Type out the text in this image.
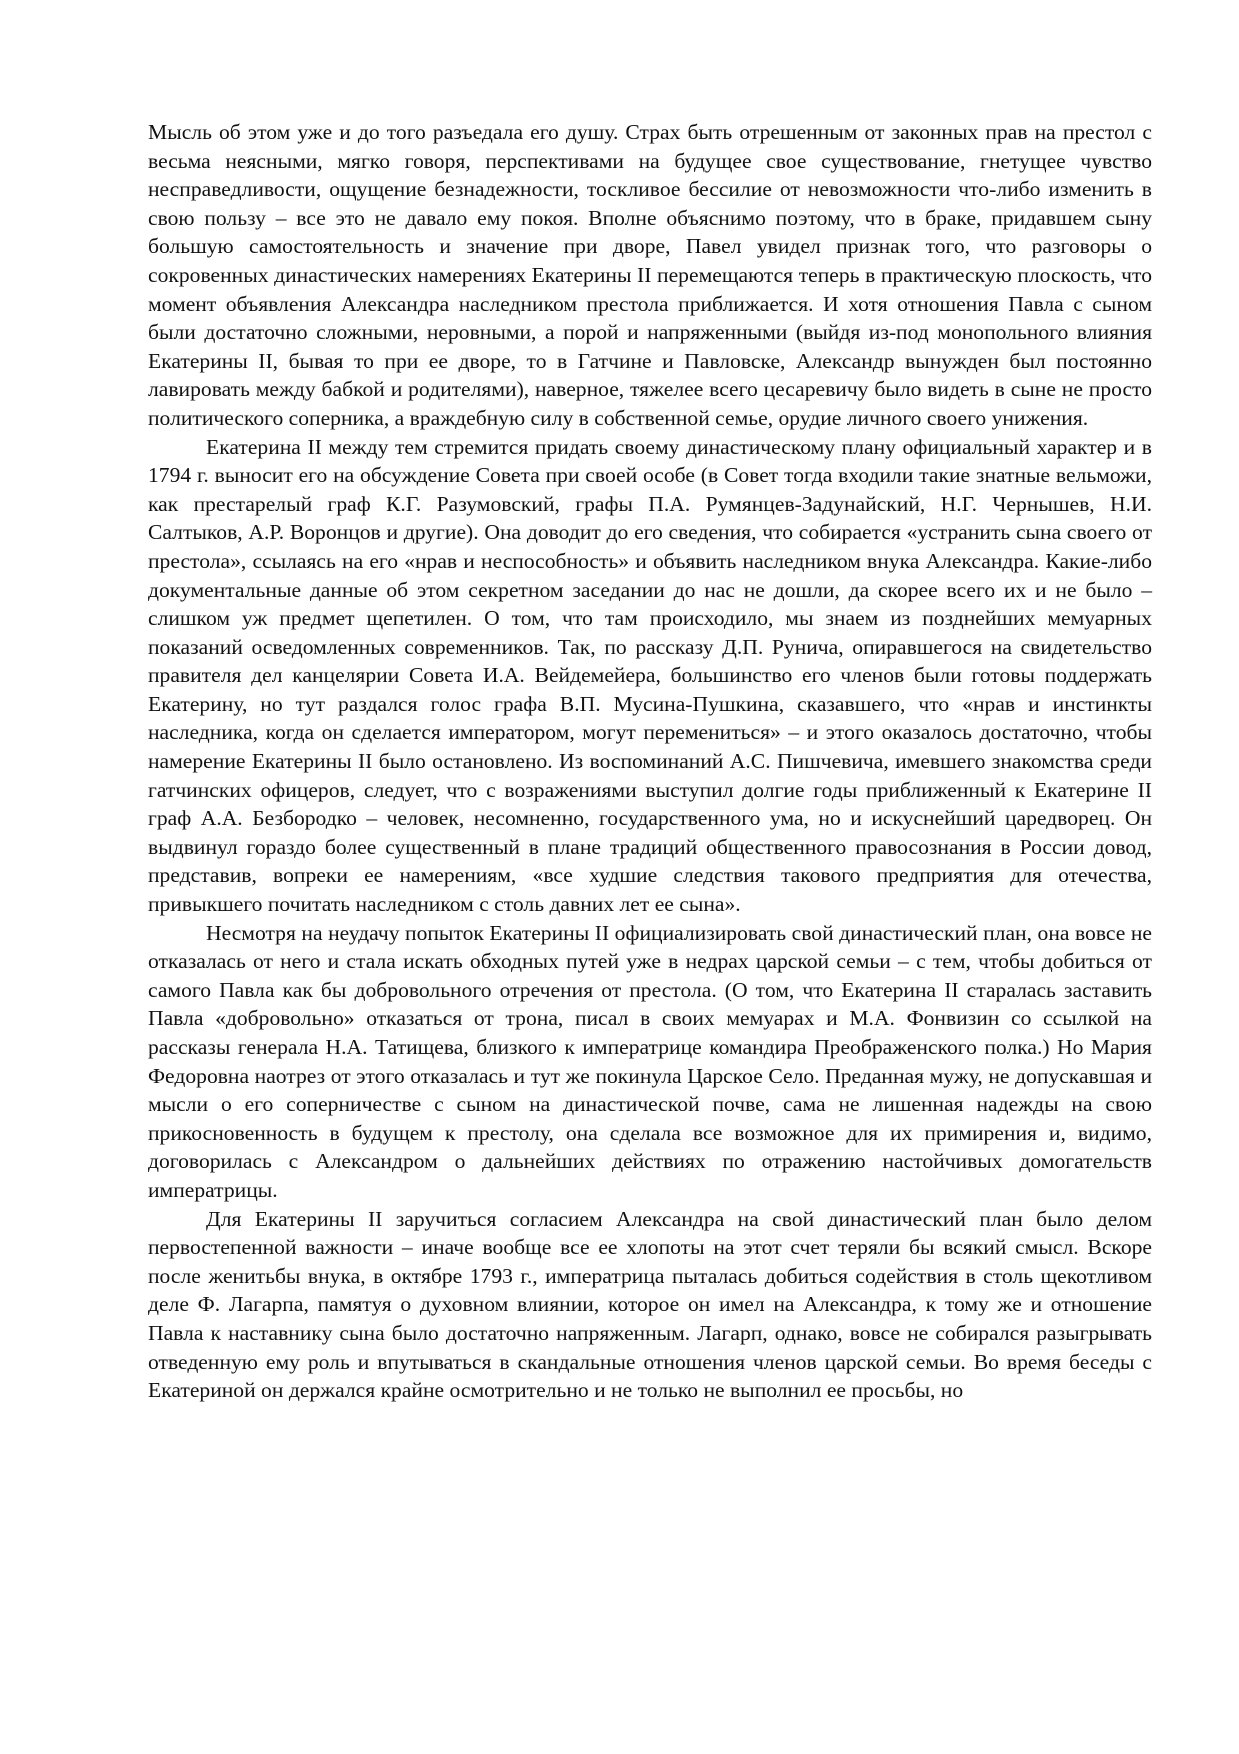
Мысль об этом уже и до того разъедала его душу. Страх быть отрешенным от законных прав на престол с весьма неясными, мягко говоря, перспективами на будущее свое существование, гнетущее чувство несправедливости, ощущение безнадежности, тоскливое бессилие от невозможности что-либо изменить в свою пользу – все это не давало ему покоя. Вполне объяснимо поэтому, что в браке, придавшем сыну большую самостоятельность и значение при дворе, Павел увидел признак того, что разговоры о сокровенных династических намерениях Екатерины II перемещаются теперь в практическую плоскость, что момент объявления Александра наследником престола приближается. И хотя отношения Павла с сыном были достаточно сложными, неровными, а порой и напряженными (выйдя из-под монопольного влияния Екатерины II, бывая то при ее дворе, то в Гатчине и Павловске, Александр вынужден был постоянно лавировать между бабкой и родителями), наверное, тяжелее всего цесаревичу было видеть в сыне не просто политического соперника, а враждебную силу в собственной семье, орудие личного своего унижения.

Екатерина II между тем стремится придать своему династическому плану официальный характер и в 1794 г. выносит его на обсуждение Совета при своей особе (в Совет тогда входили такие знатные вельможи, как престарелый граф К.Г. Разумовский, графы П.А. Румянцев-Задунайский, Н.Г. Чернышев, Н.И. Салтыков, А.Р. Воронцов и другие). Она доводит до его сведения, что собирается «устранить сына своего от престола», ссылаясь на его «нрав и неспособность» и объявить наследником внука Александра. Какие-либо документальные данные об этом секретном заседании до нас не дошли, да скорее всего их и не было – слишком уж предмет щепетилен. О том, что там происходило, мы знаем из позднейших мемуарных показаний осведомленных современников. Так, по рассказу Д.П. Рунича, опиравшегося на свидетельство правителя дел канцелярии Совета И.А. Вейдемейера, большинство его членов были готовы поддержать Екатерину, но тут раздался голос графа В.П. Мусина-Пушкина, сказавшего, что «нрав и инстинкты наследника, когда он сделается императором, могут перемениться» – и этого оказалось достаточно, чтобы намерение Екатерины II было остановлено. Из воспоминаний А.С. Пишчевича, имевшего знакомства среди гатчинских офицеров, следует, что с возражениями выступил долгие годы приближенный к Екатерине II граф А.А. Безбородко – человек, несомненно, государственного ума, но и искуснейший царедворец. Он выдвинул гораздо более существенный в плане традиций общественного правосознания в России довод, представив, вопреки ее намерениям, «все худшие следствия такового предприятия для отечества, привыкшего почитать наследником с столь давних лет ее сына».

Несмотря на неудачу попыток Екатерины II официализировать свой династический план, она вовсе не отказалась от него и стала искать обходных путей уже в недрах царской семьи – с тем, чтобы добиться от самого Павла как бы добровольного отречения от престола. (О том, что Екатерина II старалась заставить Павла «добровольно» отказаться от трона, писал в своих мемуарах и М.А. Фонвизин со ссылкой на рассказы генерала Н.А. Татищева, близкого к императрице командира Преображенского полка.) Но Мария Федоровна наотрез от этого отказалась и тут же покинула Царское Село. Преданная мужу, не допускавшая и мысли о его соперничестве с сыном на династической почве, сама не лишенная надежды на свою прикосновенность в будущем к престолу, она сделала все возможное для их примирения и, видимо, договорилась с Александром о дальнейших действиях по отражению настойчивых домогательств императрицы.

Для Екатерины II заручиться согласием Александра на свой династический план было делом первостепенной важности – иначе вообще все ее хлопоты на этот счет теряли бы всякий смысл. Вскоре после женитьбы внука, в октябре 1793 г., императрица пыталась добиться содействия в столь щекотливом деле Ф. Лагарпа, памятуя о духовном влиянии, которое он имел на Александра, к тому же и отношение Павла к наставнику сына было достаточно напряженным. Лагарп, однако, вовсе не собирался разыгрывать отведенную ему роль и впутываться в скандальные отношения членов царской семьи. Во время беседы с Екатериной он держался крайне осмотрительно и не только не выполнил ее просьбы, но
